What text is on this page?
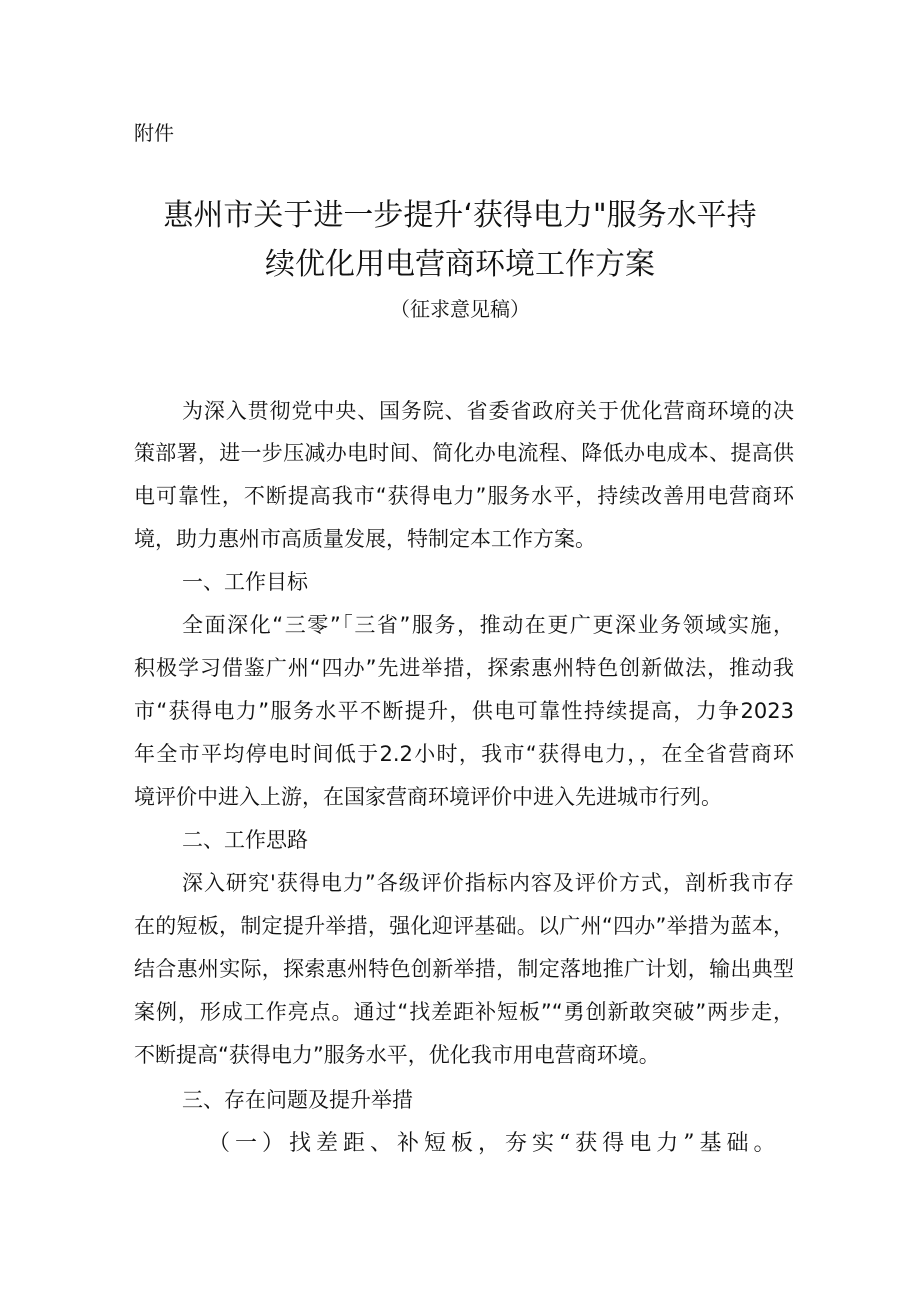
附件
惠州市关于进一步提升‘获得电力"服务水平持
续优化用电营商环境工作方案
（征求意见稿）
为深入贯彻党中央、国务院、省委省政府关于优化营商环境的决
策部署，进一步压减办电时间、简化办电流程、降低办电成本、提高供
电可靠性，不断提高我市“获得电力”服务水平，持续改善用电营商环
境，助力惠州市高质量发展，特制定本工作方案。
一、工作目标
全面深化“三零”「三省”服务，推动在更广更深业务领域实施，
积极学习借鉴广州“四办”先进举措，探索惠州特色创新做法，推动我
市“获得电力”服务水平不断提升，供电可靠性持续提高，力争2023
年全市平均停电时间低于2.2小时，我市“获得电力，，在全省营商环
境评价中进入上游，在国家营商环境评价中进入先进城市行列。
二、工作思路
深入研究'获得电力”各级评价指标内容及评价方式，剖析我市存
在的短板，制定提升举措，强化迎评基础。以广州“四办”举措为蓝本，
结合惠州实际，探索惠州特色创新举措，制定落地推广计划，输出典型
案例，形成工作亮点。通过“找差距补短板”“勇创新敢突破”两步走，
不断提高“获得电力”服务水平，优化我市用电营商环境。
三、存在问题及提升举措
（一）找差距、补短板，夯实“获得电力”基础。
